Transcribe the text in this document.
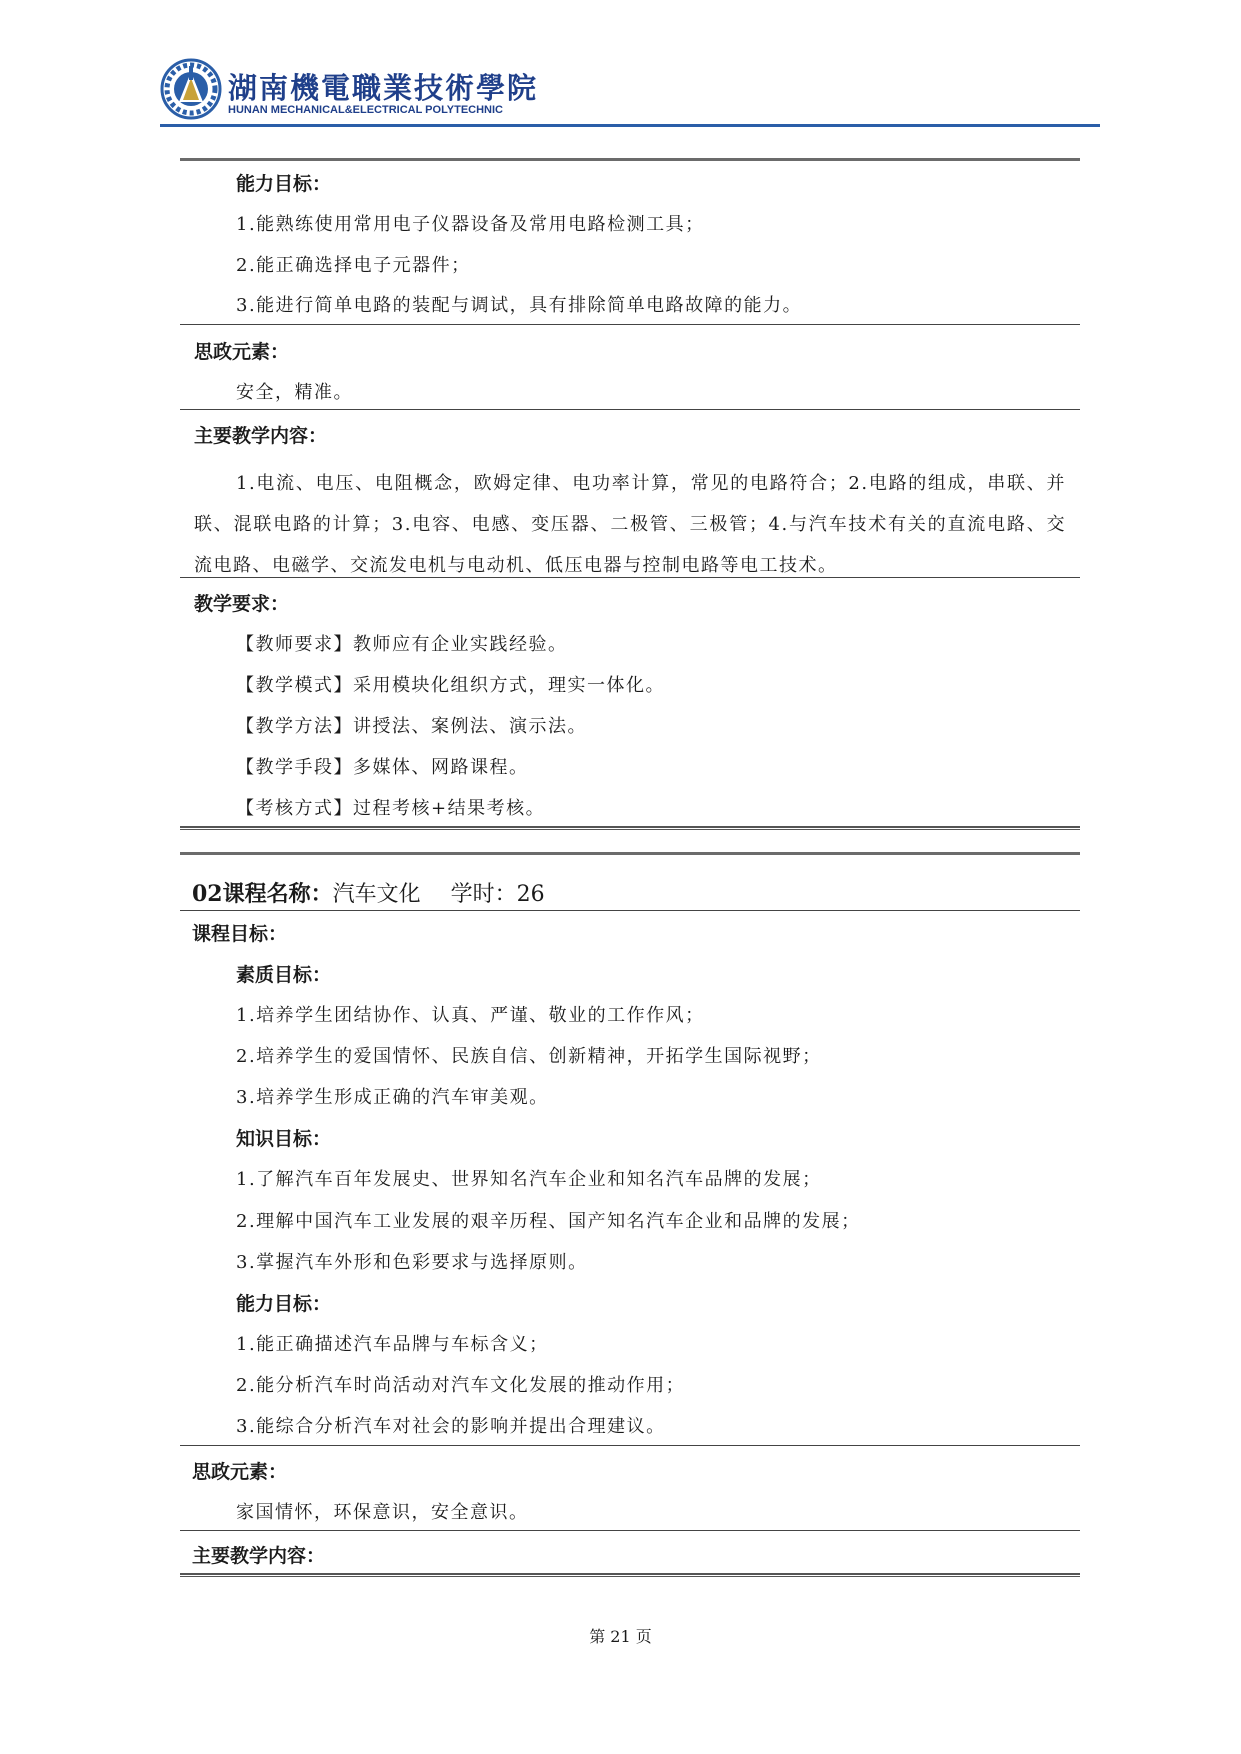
湖南機電職業技術學院
HUNAN MECHANICAL&ELECTRICAL POLYTECHNIC
能力目标：
1.能熟练使用常用电子仪器设备及常用电路检测工具；
2.能正确选择电子元器件；
3.能进行简单电路的装配与调试，具有排除简单电路故障的能力。
思政元素：
安全，精准。
主要教学内容：
1.电流、电压、电阻概念，欧姆定律、电功率计算，常见的电路符合；2.电路的组成，串联、并联、混联电路的计算；3.电容、电感、变压器、二极管、三极管；4.与汽车技术有关的直流电路、交流电路、电磁学、交流发电机与电动机、低压电器与控制电路等电工技术。
教学要求：
【教师要求】教师应有企业实践经验。
【教学模式】采用模块化组织方式，理实一体化。
【教学方法】讲授法、案例法、演示法。
【教学手段】多媒体、网路课程。
【考核方式】过程考核+结果考核。
02课程名称：汽车文化 学时：26
课程目标：
素质目标：
1.培养学生团结协作、认真、严谨、敬业的工作作风；
2.培养学生的爱国情怀、民族自信、创新精神，开拓学生国际视野；
3.培养学生形成正确的汽车审美观。
知识目标：
1.了解汽车百年发展史、世界知名汽车企业和知名汽车品牌的发展；
2.理解中国汽车工业发展的艰辛历程、国产知名汽车企业和品牌的发展；
3.掌握汽车外形和色彩要求与选择原则。
能力目标：
1.能正确描述汽车品牌与车标含义；
2.能分析汽车时尚活动对汽车文化发展的推动作用；
3.能综合分析汽车对社会的影响并提出合理建议。
思政元素：
家国情怀，环保意识，安全意识。
主要教学内容：
第 21 页
